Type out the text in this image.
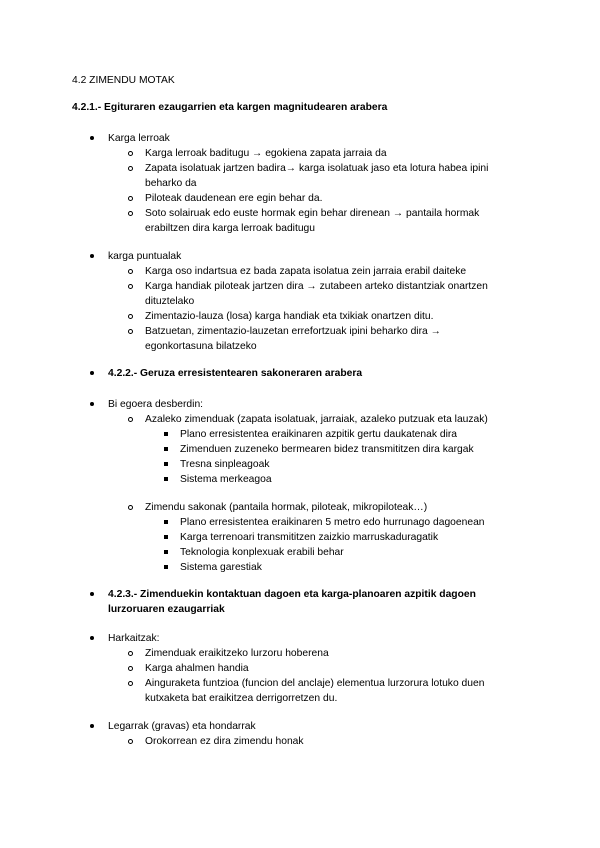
4.2 ZIMENDU MOTAK
4.2.1.- Egituraren ezaugarrien eta kargen magnitudearen arabera
Karga lerroak
Karga lerroak baditugu → egokiena zapata jarraia da
Zapata isolatuak jartzen badira→ karga isolatuak jaso eta lotura habea ipini
beharko da
Piloteak daudenean ere egin behar da.
Soto solairuak edo euste hormak egin behar direnean → pantaila hormak
erabiltzen dira karga lerroak baditugu
karga puntualak
Karga oso indartsua ez bada zapata isolatua zein jarraia erabil daiteke
Karga handiak piloteak jartzen dira → zutabeen arteko distantziak onartzen
dituztelako
Zimentazio-lauza (losa) karga handiak eta txikiak onartzen ditu.
Batzuetan, zimentazio-lauzetan errefortzuak ipini beharko dira →
egonkortasuna bilatzeko
4.2.2.- Geruza erresistentearen sakoneraren arabera
Bi egoera desberdin:
Azaleko zimenduak (zapata isolatuak, jarraiak, azaleko putzuak eta lauzak)
Plano erresistentea eraikinaren azpitik gertu daukatenak dira
Zimenduen zuzeneko bermearen bidez transmititzen dira kargak
Tresna sinpleagoak
Sistema merkeagoa
Zimendu sakonak (pantaila hormak, piloteak, mikropiloteak…)
Plano erresistentea eraikinaren 5 metro edo hurrunago dagoenean
Karga terrenoari transmititzen zaizkio marruskaduragatik
Teknologia konplexuak erabili behar
Sistema garestiak
4.2.3.- Zimenduekin kontaktuan dagoen eta karga-planoaren azpitik dagoen
lurzoruaren ezaugarriak
Harkaitzak:
Zimenduak eraikitzeko lurzoru hoberena
Karga ahalmen handia
Ainguraketa funtzioa (funcion del anclaje) elementua lurzorura lotuko duen
kutxaketa bat eraikitzea derrigorretzen du.
Legarrak (gravas) eta hondarrak
Orokorrean ez dira zimendu honak
